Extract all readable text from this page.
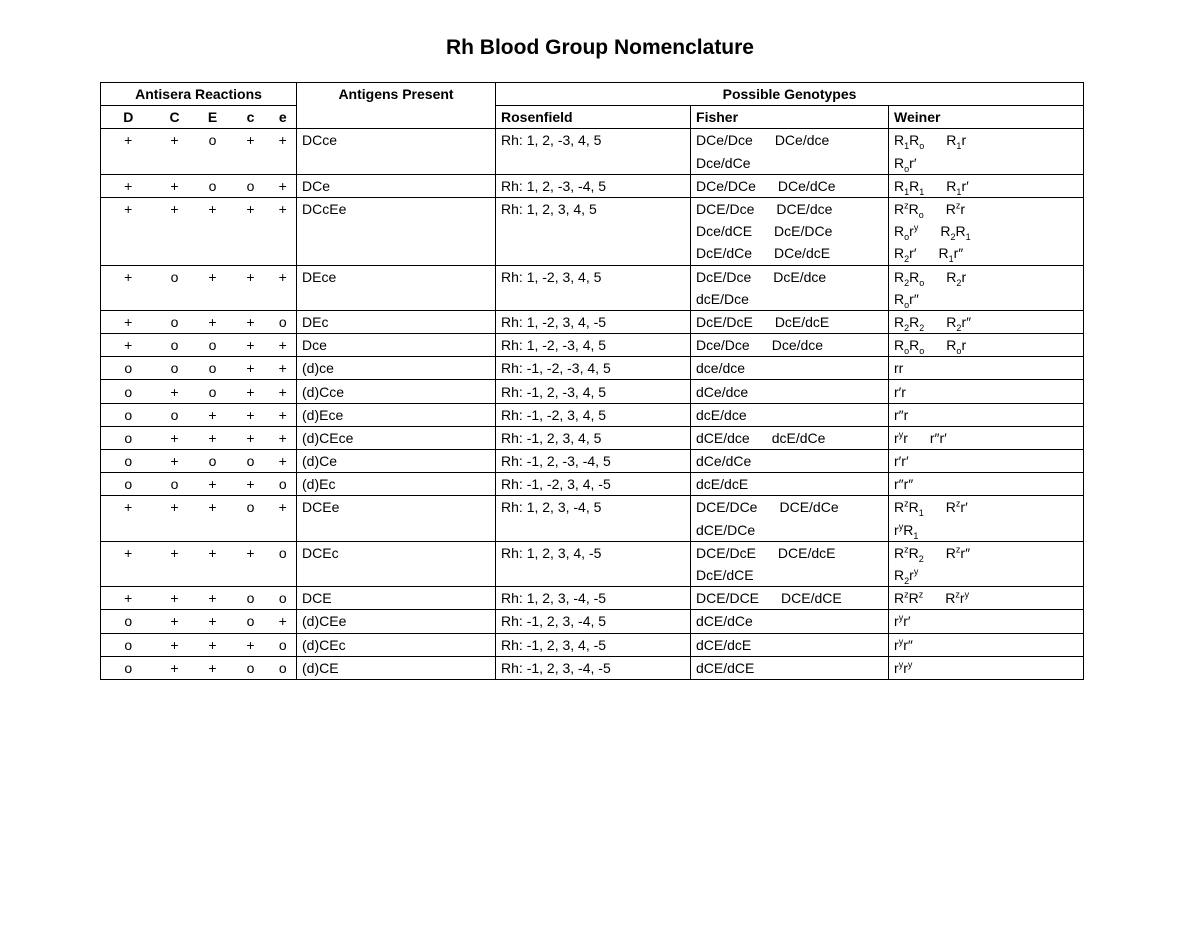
Rh Blood Group Nomenclature
Antisera Reactions					Antigens Present	Possible Genotypes		
D	C	E	c	e		Rosenfield	Fisher	Weiner
+	+	o	+	+	DCce	Rh: 1, 2, -3, 4, 5	DCe/Dce DCe/dce	$R_1R_o$ $R_1r$
							Dce/dCe	$R_or'$
+	+	o	o	+	DCe	Rh: 1, 2, -3, -4, 5	DCe/DCe DCe/dCe	$R_1R_1$ $R_1r'$
+	+	+	+	+	DCcEe	Rh: 1, 2, 3, 4, 5	DCE/Dce DCE/dce	$R^zR_o$ $R^zr$
							Dce/dCE DcE/DCe	$R_or^y$ $R_2R_1$
							DcE/dCe DCe/dcE	$R_2r'$ $R_1r''$
+	o	+	+	+	DEce	Rh: 1, -2, 3, 4, 5	DcE/Dce DcE/dce	$R_2R_o$ $R_2r$
							dcE/Dce	$R_or''$
+	o	+	+	o	DEc	Rh: 1, -2, 3, 4, -5	DcE/DcE DcE/dcE	$R_2R_2$ $R_2r''$
+	o	o	+	+	Dce	Rh: 1, -2, -3, 4, 5	Dce/Dce Dce/dce	$R_oR_o$ $R_or$
o	o	o	+	+	(d)ce	Rh: -1, -2, -3, 4, 5	dce/dce	rr
o	+	o	+	+	(d)Cce	Rh: -1, 2, -3, 4, 5	dCe/dce	r′r
o	o	+	+	+	(d)Ece	Rh: -1, -2, 3, 4, 5	dcE/dce	r″r
o	+	+	+	+	(d)CEce	Rh: -1, 2, 3, 4, 5	dCE/dce dcE/dCe	$r^yr$ r″r′
o	+	o	o	+	(d)Ce	Rh: -1, 2, -3, -4, 5	dCe/dCe	r′r′
o	o	+	+	o	(d)Ec	Rh: -1, -2, 3, 4, -5	dcE/dcE	r″r″
+	+	+	o	+	DCEe	Rh: 1, 2, 3, -4, 5	DCE/DCe DCE/dCe	$R^zR_1$ $R^zr'$
							dCE/DCe	$r^yR_1$
+	+	+	+	o	DCEc	Rh: 1, 2, 3, 4, -5	DCE/DcE DCE/dcE	$R^zR_2$ $R^zr''$
							DcE/dCE	$R_2r^y$
+	+	+	o	o	DCE	Rh: 1, 2, 3, -4, -5	DCE/DCE DCE/dCE	$R^zR^z$ $R^zr^y$
o	+	+	o	+	(d)CEe	Rh: -1, 2, 3, -4, 5	dCE/dCe	$r^yr'$
o	+	+	+	o	(d)CEc	Rh: -1, 2, 3, 4, -5	dCE/dcE	$r^yr''$
o	+	+	o	o	(d)CE	Rh: -1, 2, 3, -4, -5	dCE/dCE	$r^yr^y$
